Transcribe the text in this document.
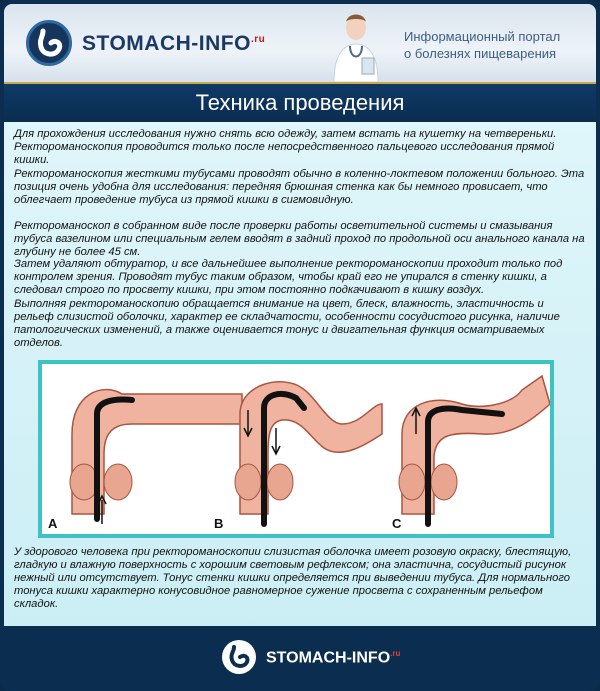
STOMACH-$INFO^{.ru}$	Информационный портал
о болезнях пищеварения
Техника проведения
Для прохождения исследования нужно снять всю одежду, затем встать на кушетку на четвереньки. Ректороманоскопия проводится только после непосредственного пальцевого исследования прямой кишки.
Ректороманоскопия жесткими тубусами проводят обычно в коленно-локтевом положении больного. Эта позиция очень удобна для исследования: передняя брюшная стенка как бы немного провисает, что облегчает проведение тубуса из прямой кишки в сигмовидную.
Ректороманоскоп в собранном виде после проверки работы осветительной системы и смазывания тубуса вазелином или специальным гелем вводят в задний проход по продольной оси анального канала на глубину не более 45 см.
Затем удаляют обтуратор, и все дальнейшее выполнение ректороманоскопии проходит только под контролем зрения. Проводят тубус таким образом, чтобы край его не упирался в стенку кишки, а следовал строго по просвету кишки, при этом постоянно подкачивают в кишку воздух.
Выполняя ректороманоскопию обращается внимание на цвет, блеск, влажность, эластичность и рельеф слизистой оболочки, характер ее складчатости, особенности сосудистого рисунка, наличие патологических изменений, а также оценивается тонус и двигательная функция осматриваемых отделов.
A	B	C
У здорового человека при ректороманоскопии слизистая оболочка имеет розовую окраску, блестящую, гладкую и влажную поверхность с хорошим световым рефлексом; она эластична, сосудистый рисунок нежный или отсутствует. Тонус стенки кишки определяется при выведении тубуса. Для нормального тонуса кишки характерно конусовидное равномерное сужение просвета с сохраненным рельефом складок.
STOMACH-$INFO^{.ru}$
